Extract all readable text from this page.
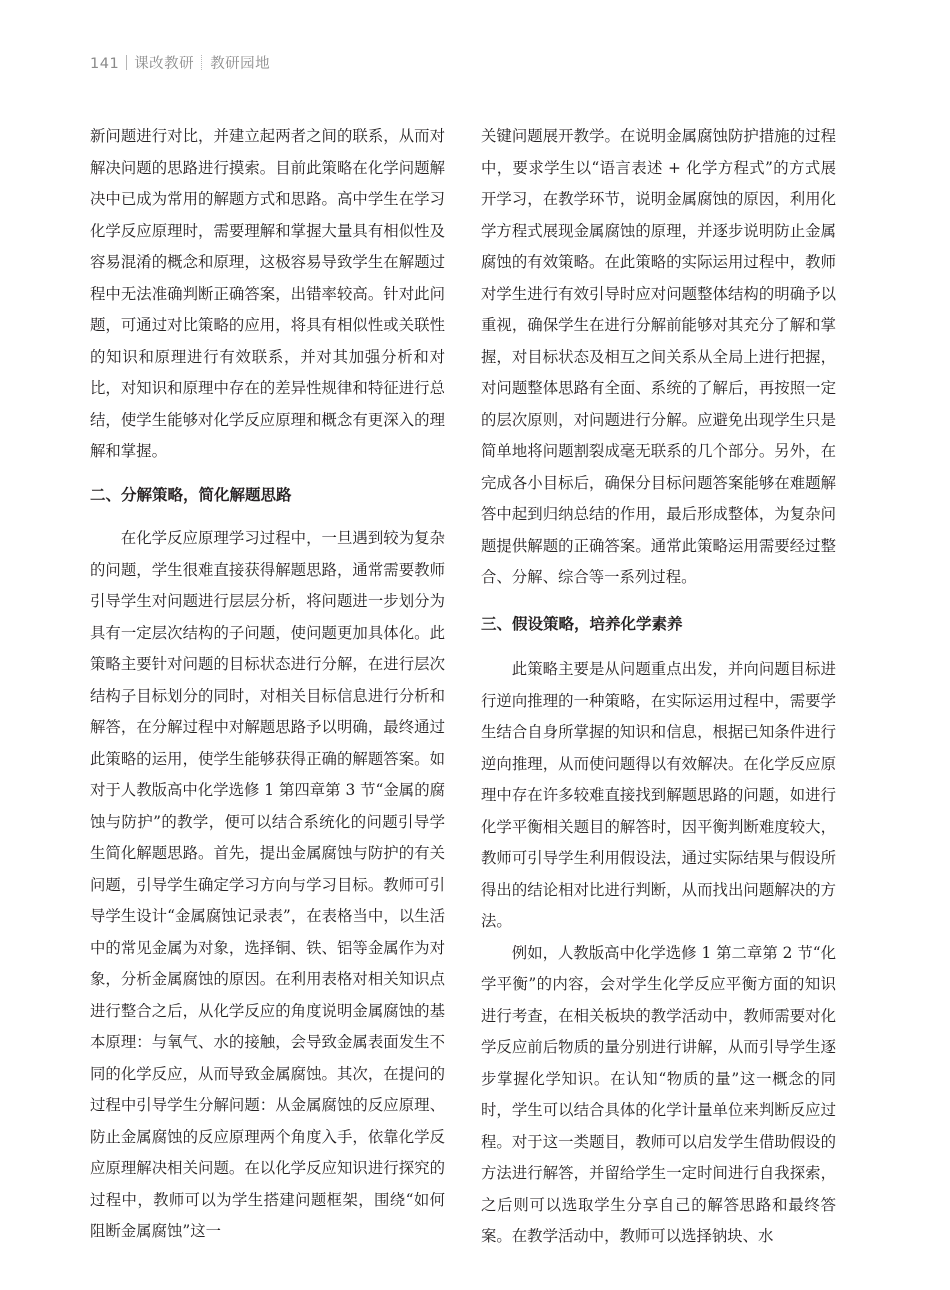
141 课改教研 教研园地

新问题进行对比，并建立起两者之间的联系，从而对解决问题的思路进行摸索。目前此策略在化学问题解决中已成为常用的解题方式和思路。高中学生在学习化学反应原理时，需要理解和掌握大量具有相似性及容易混淆的概念和原理，这极容易导致学生在解题过程中无法准确判断正确答案，出错率较高。针对此问题，可通过对比策略的应用，将具有相似性或关联性的知识和原理进行有效联系，并对其加强分析和对比，对知识和原理中存在的差异性规律和特征进行总结，使学生能够对化学反应原理和概念有更深入的理解和掌握。

二、分解策略，简化解题思路

在化学反应原理学习过程中，一旦遇到较为复杂的问题，学生很难直接获得解题思路，通常需要教师引导学生对问题进行层层分析，将问题进一步划分为具有一定层次结构的子问题，使问题更加具体化。此策略主要针对问题的目标状态进行分解，在进行层次结构子目标划分的同时，对相关目标信息进行分析和解答，在分解过程中对解题思路予以明确，最终通过此策略的运用，使学生能够获得正确的解题答案。如对于人教版高中化学选修 1 第四章第 3 节“金属的腐蚀与防护”的教学，便可以结合系统化的问题引导学生简化解题思路。首先，提出金属腐蚀与防护的有关问题，引导学生确定学习方向与学习目标。教师可引导学生设计“金属腐蚀记录表”，在表格当中，以生活中的常见金属为对象，选择铜、铁、铝等金属作为对象，分析金属腐蚀的原因。在利用表格对相关知识点进行整合之后，从化学反应的角度说明金属腐蚀的基本原理：与氧气、水的接触，会导致金属表面发生不同的化学反应，从而导致金属腐蚀。其次，在提问的过程中引导学生分解问题：从金属腐蚀的反应原理、防止金属腐蚀的反应原理两个角度入手，依靠化学反应原理解决相关问题。在以化学反应知识进行探究的过程中，教师可以为学生搭建问题框架，围绕“如何阻断金属腐蚀”这一

关键问题展开教学。在说明金属腐蚀防护措施的过程中，要求学生以“语言表述 + 化学方程式”的方式展开学习，在教学环节，说明金属腐蚀的原因，利用化学方程式展现金属腐蚀的原理，并逐步说明防止金属腐蚀的有效策略。在此策略的实际运用过程中，教师对学生进行有效引导时应对问题整体结构的明确予以重视，确保学生在进行分解前能够对其充分了解和掌握，对目标状态及相互之间关系从全局上进行把握，对问题整体思路有全面、系统的了解后，再按照一定的层次原则，对问题进行分解。应避免出现学生只是简单地将问题割裂成毫无联系的几个部分。另外，在完成各小目标后，确保分目标问题答案能够在难题解答中起到归纳总结的作用，最后形成整体，为复杂问题提供解题的正确答案。通常此策略运用需要经过整合、分解、综合等一系列过程。

三、假设策略，培养化学素养

此策略主要是从问题重点出发，并向问题目标进行逆向推理的一种策略，在实际运用过程中，需要学生结合自身所掌握的知识和信息，根据已知条件进行逆向推理，从而使问题得以有效解决。在化学反应原理中存在许多较难直接找到解题思路的问题，如进行化学平衡相关题目的解答时，因平衡判断难度较大，教师可引导学生利用假设法，通过实际结果与假设所得出的结论相对比进行判断，从而找出问题解决的方法。

例如，人教版高中化学选修 1 第二章第 2 节“化学平衡”的内容，会对学生化学反应平衡方面的知识进行考查，在相关板块的教学活动中，教师需要对化学反应前后物质的量分别进行讲解，从而引导学生逐步掌握化学知识。在认知“物质的量”这一概念的同时，学生可以结合具体的化学计量单位来判断反应过程。对于这一类题目，教师可以启发学生借助假设的方法进行解答，并留给学生一定时间进行自我探索，之后则可以选取学生分享自己的解答思路和最终答案。在教学活动中，教师可以选择钠块、水
